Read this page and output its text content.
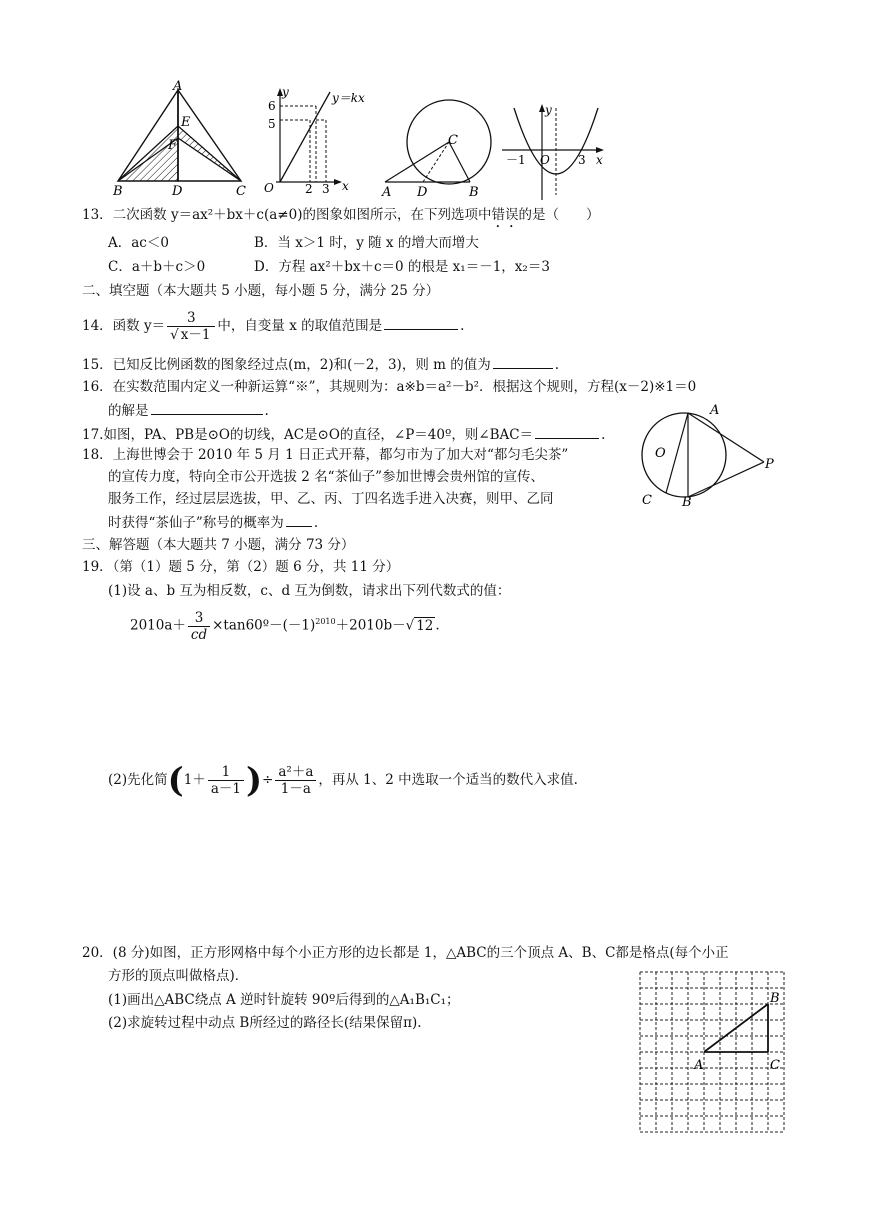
A
E
F
B	D	C
y	y＝kx
6
5
O	2 3 x
C
A D	B
y
－1 O 3 x
13．二次函数 y＝ax²＋bx＋c(a≠0)的图象如图所示，在下列选项中错误的是（　　）
A．ac＜0	B．当 x＞1 时，y 随 x 的增大而增大
C．a＋b＋c＞0	D．方程 ax²＋bx＋c＝0 的根是 x₁＝－1，x₂＝3
二、填空题（本大题共 5 小题，每小题 5 分，满分 25 分）
14．函数 $y= \frac{3}{√ x-1}$ 中，自变量 x 的取值范围是	.
15．已知反比例函数的图象经过点(m，2)和(－2，3)，则 m 的值为	.
16．在实数范围内定义一种新运算“※”，其规则为：a※b＝a²－b²．根据这个规则，方程(x－2)※1＝0
的解是	.
17.如图，PA、PB是⊙O的切线，AC是⊙O的直径，∠P＝40º，则∠BAC＝	.
18．上海世博会于 2010 年 5 月 1 日正式开幕，都匀市为了加大对“都匀毛尖茶”
的宣传力度，特向全市公开选拔 2 名“茶仙子”参加世博会贵州馆的宣传、
服务工作，经过层层选拔，甲、乙、丙、丁四名选手进入决赛，则甲、乙同
时获得“茶仙子”称号的概率为 .
A
O
P
C B
三、解答题（本大题共 7 小题，满分 73 分）
19．（第（1）题 5 分，第（2）题 6 分，共 11 分）
(1)设 a、b 互为相反数，c、d 互为倒数，请求出下列代数式的值：
$2010a+ \frac{3}{cd}$ $\times\tan 60º-(-1)^{2010}+2010b-√$ 12 .
(2)先化简($1+ \frac{1}{a-1}$ )÷ $\frac{\text{a²＋a}}{1-a}$ ，再从 1、2 中选取一个适当的数代入求值.
20．(8 分)如图，正方形网格中每个小正方形的边长都是 1，△ABC的三个顶点 A、B、C都是格点(每个小正
方形的顶点叫做格点)．
(1)画出△ABC绕点 A 逆时针旋转 90º后得到的△A₁B₁C₁；
(2)求旋转过程中动点 B所经过的路径长(结果保留π).
A
B
C
